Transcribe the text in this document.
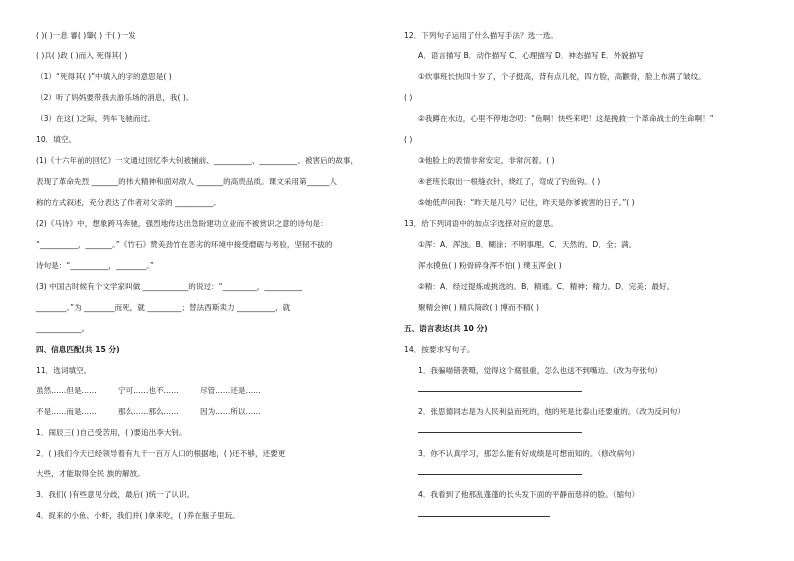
( )( )一息 審( )肇( ) 千( )一发
( )兵( )政 ( )而入 死得其( )
（1）“死得其( )”中填入的字的意思是( )
（2）听了妈妈要带我去游乐场的消息，我( )。
（3）在这( )之际，列车飞驰而过。
10．填空。
(1)《十六年前的回忆》一文通过回忆李大钊被捕前、__________、__________、被害后的故事，
表现了革命先烈 _______的伟大精神和面对敌人 _______的高贵品质。课文采用第______人
称的方式叙述，充分表达了作者对父亲的 __________。
(2)《马诗》中，想象跨马奔驰，强烈地传达出急盼建功立业而不被赏识之意的诗句是：
“__________，_______。”《竹石》赞美劲竹在恶劣的环境中接受磨砺与考验，坚韧不拔的
诗句是：“__________，________。”
(3) 中国古时候有个文学家叫做 ____________的说过：“_________，__________
________。”为 ________而死，就 _________；替法西斯卖力 __________，就
____________。
四、信息匹配(共 15 分)
11．选词填空。
虽然……但是……	宁可……也不……	尽管……还是……
不是……而是……	那么……那么……	因为……所以……
1．闹辰三( )自己受苦用，( )要追出李大钊。
2．( )我们今天已经领导着有九千一百万人口的根据地，( )还不够，还要更
大些，才能取得全民 族的解放。
3．我们( )有些意见分歧，最后( )统一了认识。
4．捉来的小鱼、小虾，我们并( )拿来吃，( )养在瓶子里玩。
12．下列句子运用了什么描写手法？选一选。
A．语言描写 B．动作描写 C．心理描写 D．神态描写 E．外貌描写
①炊事班长快四十岁了，个子挺高，背有点儿驼，四方脸，高颧骨，脸上布满了皱纹。
( )
②我蹲在水边，心里不停地念叨：“鱼啊！快些来吧！这是挽救一个革命战士的生命啊！”
( )
③他脸上的表情非常安定，非常沉着。( )
④老班长取出一根缝衣针，烧红了，弯成了钓鱼钩。( )
⑤她低声问我：“昨天是几号？记住，昨天是你爹被害的日子。”( )
13．给下列词语中的加点字选择对应的意思。
①浑：A．浑浊。B．糊涂；不明事理。C．天然的。D．全；满。
浑水摸鱼( ) 粉骨碎身浑不怕( ) 璞玉浑金( )
②精：A．经过提炼或挑选的。B．精通。C．精神；精力。D．完美；最好。
聚精会神( ) 精兵简政( ) 博而不精( )
五、语言表达(共 10 分)
14．按要求写句子。
1．我骗喵错袭嗫，觉得这个腐很重，怎么也送不到嘴边。（改为夸张句）
2．张思德同志是为人民利益而死的，他的死是比泰山还要重的。（改为反问句）
3．你不认真学习，那怎么能有好成绩是可想而知的。（修改病句）
4．我看到了他那乱蓬蓬的长头发下面的平静而慈祥的脸。（缩句）
